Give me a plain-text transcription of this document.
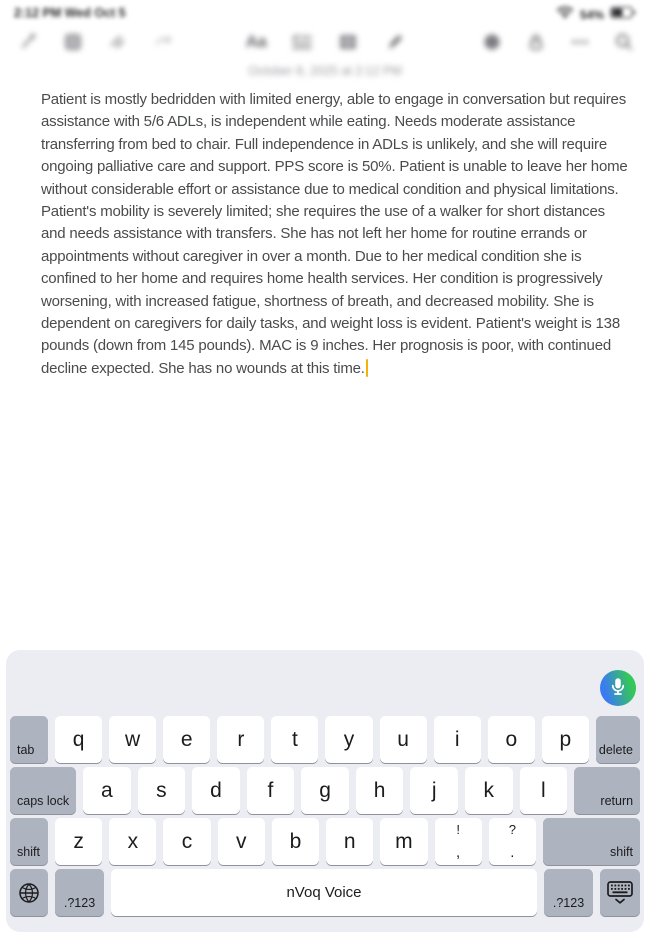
2:12 PM Wed Oct 5	54%
Aa
October 8, 2025 at 2:12 PM
Patient is mostly bedridden with limited energy, able to engage in conversation but requires assistance with 5/6 ADLs, is independent while eating. Needs moderate assistance transferring from bed to chair. Full independence in ADLs is unlikely, and she will require ongoing palliative care and support. PPS score is 50%. Patient is unable to leave her home without considerable effort or assistance due to medical condition and physical limitations. Patient's mobility is severely limited; she requires the use of a walker for short distances and needs assistance with transfers. She has not left her home for routine errands or appointments without caregiver in over a month. Due to her medical condition she is confined to her home and requires home health services. Her condition is progressively worsening, with increased fatigue, shortness of breath, and decreased mobility. She is dependent on caregivers for daily tasks, and weight loss is evident. Patient's weight is 138 pounds (down from 145 pounds). MAC is 9 inches. Her prognosis is poor, with continued decline expected. She has no wounds at this time.
tab q w e r t y u i o p delete
caps lock a s d f g h j k l	return
shift z x c v b n m	!
,
?
.	shift
.?123
nVoq Voice
.?123
